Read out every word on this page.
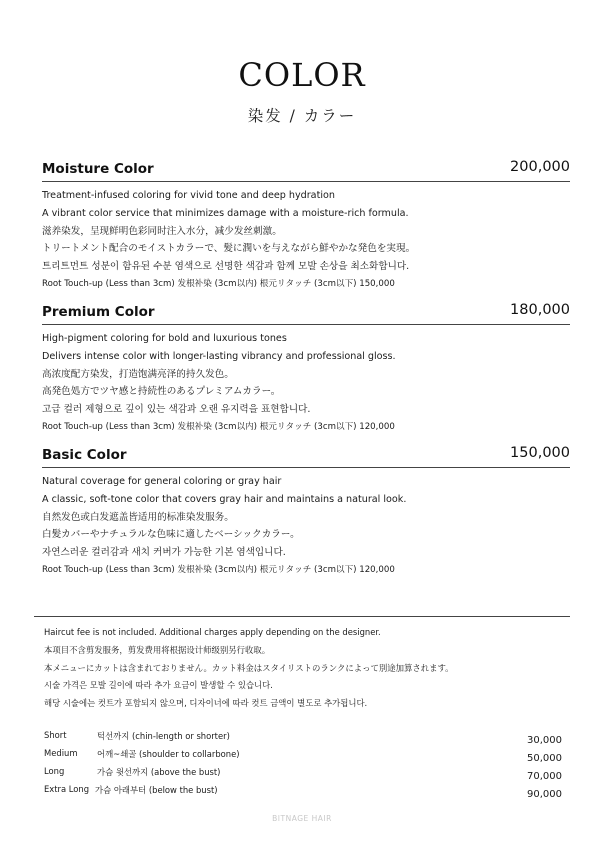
COLOR
染发 / カラー
Moisture Color	200,000
Treatment-infused coloring for vivid tone and deep hydration
A vibrant color service that minimizes damage with a moisture-rich formula.
滋养染发，呈现鲜明色彩同时注入水分，减少发丝刺激。
トリートメント配合のモイストカラーで、髪に潤いを与えながら鮮やかな発色を実現。
트리트먼트 성분이 함유된 수분 염색으로 선명한 색감과 함께 모발 손상을 최소화합니다.
Root Touch-up (Less than 3cm) 发根补染 (3cm以内) 根元リタッチ (3cm以下) 150,000
Premium Color	180,000
High-pigment coloring for bold and luxurious tones
Delivers intense color with longer-lasting vibrancy and professional gloss.
高浓度配方染发，打造饱满亮泽的持久发色。
高発色処方でツヤ感と持続性のあるプレミアムカラー。
고급 컬러 제형으로 깊이 있는 색감과 오랜 유지력을 표현합니다.
Root Touch-up (Less than 3cm) 发根补染 (3cm以内) 根元リタッチ (3cm以下) 120,000
Basic Color	150,000
Natural coverage for general coloring or gray hair
A classic, soft-tone color that covers gray hair and maintains a natural look.
自然发色或白发遮盖皆适用的标准染发服务。
白髪カバーやナチュラルな色味に適したベーシックカラー。
자연스러운 컬러감과 새치 커버가 가능한 기본 염색입니다.
Root Touch-up (Less than 3cm) 发根补染 (3cm以内) 根元リタッチ (3cm以下) 120,000
Haircut fee is not included. Additional charges apply depending on the designer.
本项目不含剪发服务，剪发费用将根据设计师级别另行收取。
本メニューにカットは含まれておりません。カット料金はスタイリストのランクによって別途加算されます。
시술 가격은 모발 길이에 따라 추가 요금이 발생할 수 있습니다.
해당 시술에는 컷트가 포함되지 않으며, 디자이너에 따라 컷트 금액이 별도로 추가됩니다.
Short	턱선까지 (chin-length or shorter)	30,000
Medium 어깨~쇄골 (shoulder to collarbone)	50,000
Long	가슴 윗선까지 (above the bust)	70,000
Extra Long 가슴 아래부터 (below the bust)	90,000
BITNAGE HAIR
